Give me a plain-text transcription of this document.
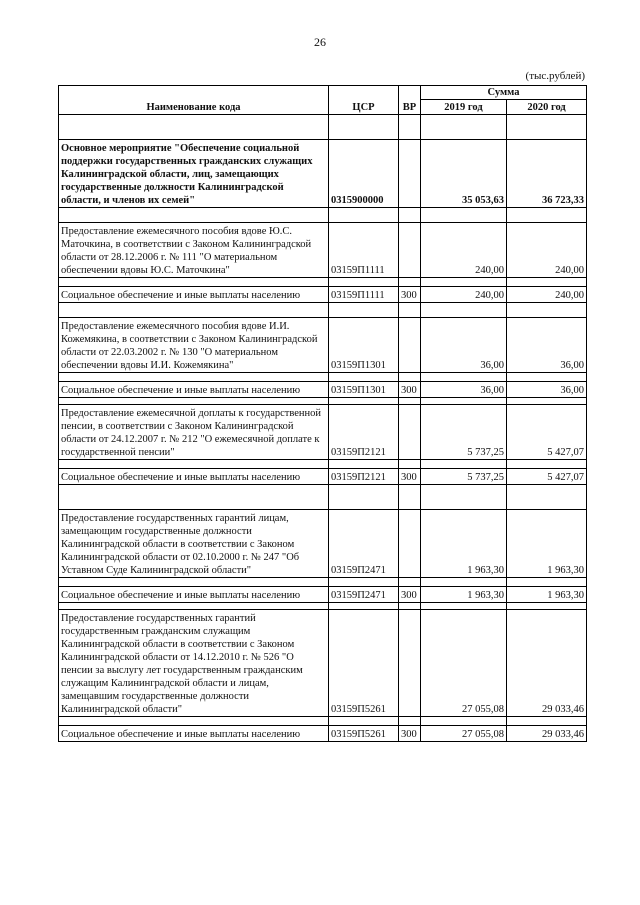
26
(тыс.рублей)
Наименование кода	ЦСР	ВР	Сумма	
			2019 год	2020 год

Основное мероприятие "Обеспечение социальной поддержки государственных гражданских служащих Калининградской области, лиц, замещающих государственные должности Калининградской области, и членов их семей"	0315900000		35 053,63	36 723,33

Предоставление ежемесячного пособия вдове Ю.С. Маточкина, в соответствии с Законом Калининградской области от 28.12.2006 г. № 111 "О материальном обеспечении вдовы Ю.С. Маточкина"	03159П1111		240,00	240,00

Социальное обеспечение и иные выплаты населению	03159П1111	300	240,00	240,00

Предоставление ежемесячного пособия вдове И.И. Кожемякина, в соответствии с Законом Калининградской области от 22.03.2002 г. № 130 "О материальном обеспечении вдовы И.И. Кожемякина"	03159П1301		36,00	36,00

Социальное обеспечение и иные выплаты населению	03159П1301	300	36,00	36,00

Предоставление ежемесячной доплаты к государственной пенсии, в соответствии с Законом Калининградской области от 24.12.2007 г. № 212 "О ежемесячной доплате к государственной пенсии"	03159П2121		5 737,25	5 427,07

Социальное обеспечение и иные выплаты населению	03159П2121	300	5 737,25	5 427,07

Предоставление государственных гарантий лицам, замещающим государственные должности Калининградской области в соответствии с Законом Калининградской области от 02.10.2000 г. № 247 "Об Уставном Суде Калининградской области"	03159П2471		1 963,30	1 963,30

Социальное обеспечение и иные выплаты населению	03159П2471	300	1 963,30	1 963,30

Предоставление государственных гарантий государственным гражданским служащим Калининградской области в соответствии с Законом Калининградской области от 14.12.2010 г. № 526 "О пенсии за выслугу лет государственным гражданским служащим Калининградской области и лицам, замещавшим государственные должности Калининградской области"	03159П5261		27 055,08	29 033,46

Социальное обеспечение и иные выплаты населению	03159П5261	300	27 055,08	29 033,46
